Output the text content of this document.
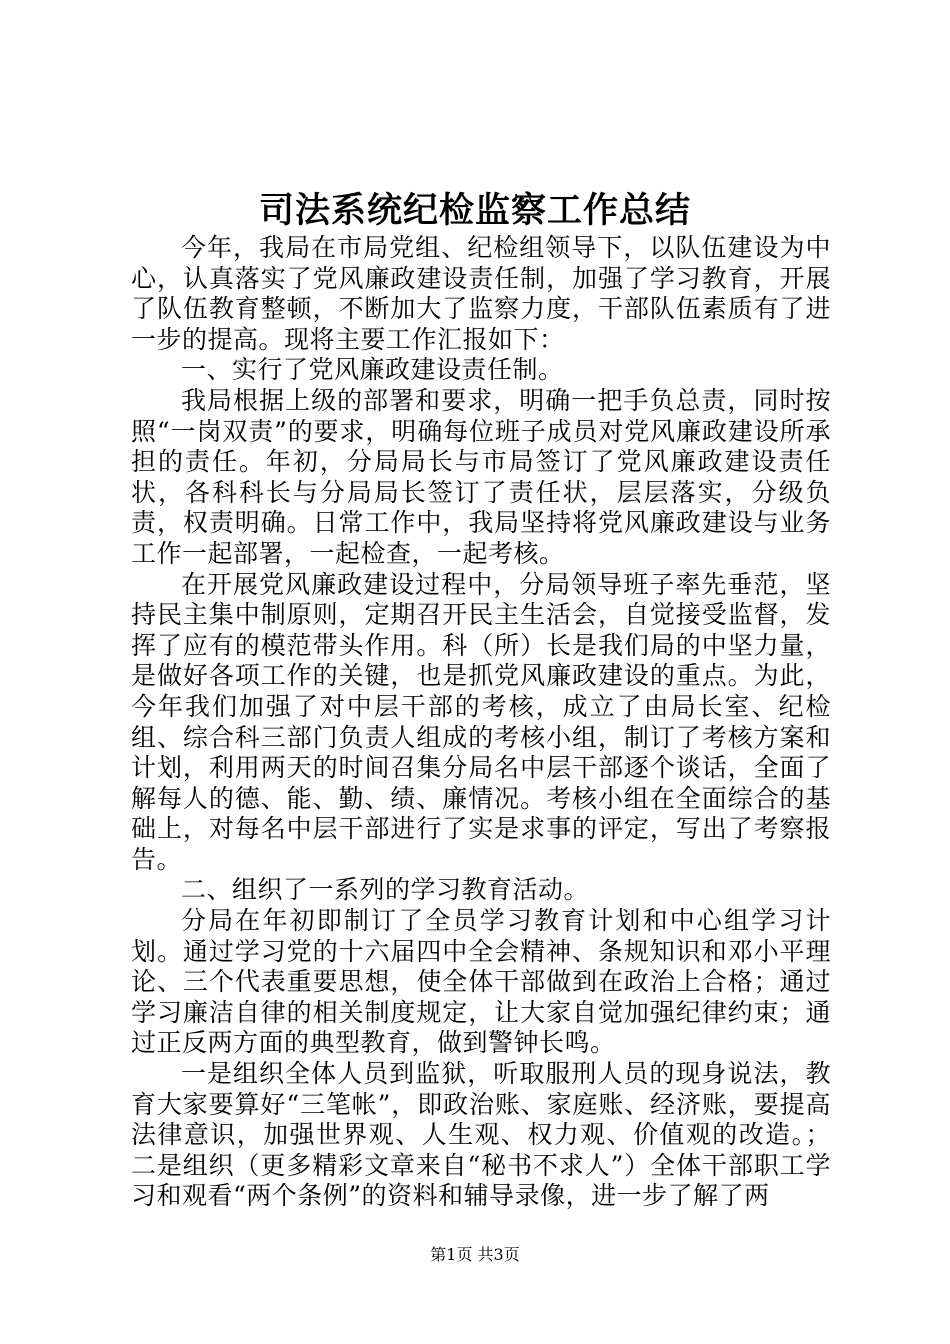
司法系统纪检监察工作总结

今年，我局在市局党组、纪检组领导下，以队伍建设为中心，认真落实了党风廉政建设责任制，加强了学习教育，开展了队伍教育整顿，不断加大了监察力度，干部队伍素质有了进一步的提高。现将主要工作汇报如下：

一、实行了党风廉政建设责任制。

我局根据上级的部署和要求，明确一把手负总责，同时按照“一岗双责”的要求，明确每位班子成员对党风廉政建设所承担的责任。年初，分局局长与市局签订了党风廉政建设责任状，各科科长与分局局长签订了责任状，层层落实，分级负责，权责明确。日常工作中，我局坚持将党风廉政建设与业务工作一起部署，一起检查，一起考核。

在开展党风廉政建设过程中，分局领导班子率先垂范，坚持民主集中制原则，定期召开民主生活会，自觉接受监督，发挥了应有的模范带头作用。科（所）长是我们局的中坚力量，是做好各项工作的关键，也是抓党风廉政建设的重点。为此，今年我们加强了对中层干部的考核，成立了由局长室、纪检组、综合科三部门负责人组成的考核小组，制订了考核方案和计划，利用两天的时间召集分局名中层干部逐个谈话，全面了解每人的德、能、勤、绩、廉情况。考核小组在全面综合的基础上，对每名中层干部进行了实是求事的评定，写出了考察报告。

二、组织了一系列的学习教育活动。

分局在年初即制订了全员学习教育计划和中心组学习计划。通过学习党的十六届四中全会精神、条规知识和邓小平理论、三个代表重要思想，使全体干部做到在政治上合格；通过学习廉洁自律的相关制度规定，让大家自觉加强纪律约束；通过正反两方面的典型教育，做到警钟长鸣。

一是组织全体人员到监狱，听取服刑人员的现身说法，教育大家要算好“三笔帐”，即政治账、家庭账、经济账，要提高法律意识，加强世界观、人生观、权力观、价值观的改造。；二是组织（更多精彩文章来自“秘书不求人”）全体干部职工学习和观看“两个条例”的资料和辅导录像，进一步了解了两

第1页 共3页
